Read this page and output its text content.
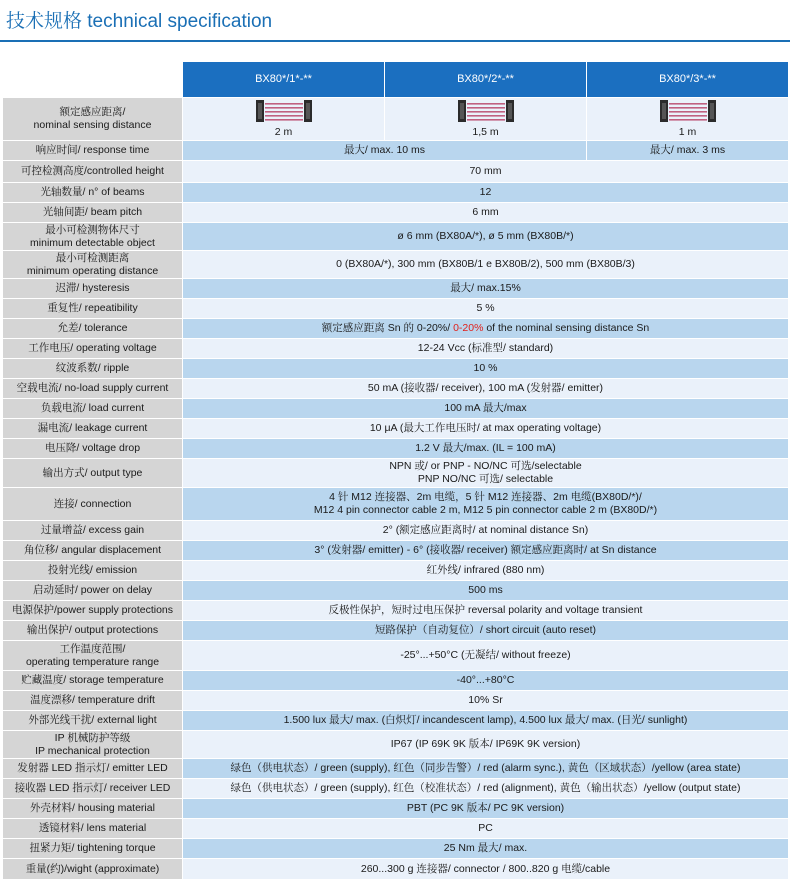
技术规格 technical specification
	BX80*/1*-**	BX80*/2*-**	BX80*/3*-**
额定感应距离/
nominal sensing distance	2 m	1,5 m	1 m
响应时间/ response time	最大/ max. 10 ms		最大/ max. 3 ms
可控检测高度/controlled height	70 mm		
光轴数量/ n° of beams	12		
光轴间距/ beam pitch	6 mm		
最小可检测物体尺寸
minimum detectable object	ø 6 mm (BX80A/*), ø 5 mm (BX80B/*)		
最小可检测距离
minimum operating distance	0 (BX80A/*), 300 mm (BX80B/1 e BX80B/2), 500 mm (BX80B/3)		
迟滞/ hysteresis	最大/ max.15%		
重复性/ repeatibility	5 %		
允差/ tolerance	额定感应距离 Sn 的 0-20%/ 0-20% of the nominal sensing distance Sn		
工作电压/ operating voltage	12-24 Vcc (标准型/ standard)		
纹波系数/ ripple	10 %		
空载电流/ no-load supply current	50 mA (接收器/ receiver), 100 mA (发射器/ emitter)		
负载电流/ load current	100 mA 最大/max		
漏电流/ leakage current	10 μA (最大工作电压时/ at max operating voltage)		
电压降/ voltage drop	1.2 V 最大/max. (IL = 100 mA)		
输出方式/ output type	NPN 或/ or PNP - NO/NC 可选/selectable
PNP NO/NC 可选/ selectable		
连接/ connection	4 针 M12 连接器、2m 电缆，5 针 M12 连接器、2m 电缆(BX80D/*)/
M12 4 pin connector cable 2 m, M12 5 pin connector cable 2 m (BX80D/*)		
过量增益/ excess gain	2° (额定感应距离时/ at nominal distance Sn)		
角位移/ angular displacement	3° (发射器/ emitter) - 6° (接收器/ receiver) 额定感应距离时/ at Sn distance		
投射光线/ emission	红外线/ infrared (880 nm)		
启动延时/ power on delay	500 ms		
电源保护/power supply protections	反极性保护，短时过电压保护 reversal polarity and voltage transient		
输出保护/ output protections	短路保护（自动复位）/ short circuit (auto reset)		
工作温度范围/
operating temperature range	-25°...+50°C (无凝结/ without freeze)		
贮藏温度/ storage temperature	-40°...+80°C		
温度漂移/ temperature drift	10% Sr		
外部光线干扰/ external light	1.500 lux 最大/ max. (白炽灯/ incandescent lamp), 4.500 lux 最大/ max. (日光/ sunlight)		
IP 机械防护等级
IP mechanical protection	IP67 (IP 69K 9K 版本/ IP69K 9K version)		
发射器 LED 指示灯/ emitter LED	绿色（供电状态）/ green (supply), 红色（同步告警）/ red (alarm sync.), 黄色（区域状态）/yellow (area state)		
接收器 LED 指示灯/ receiver LED	绿色（供电状态）/ green (supply), 红色（校准状态）/ red (alignment), 黄色（输出状态）/yellow (output state)		
外壳材料/ housing material	PBT (PC 9K 版本/ PC 9K version)		
透镜材料/ lens material	PC		
扭紧力矩/ tightening torque	25 Nm 最大/ max.		
重量(约)/wight (approximate)	260...300 g 连接器/ connector / 800..820 g 电缆/cable		
